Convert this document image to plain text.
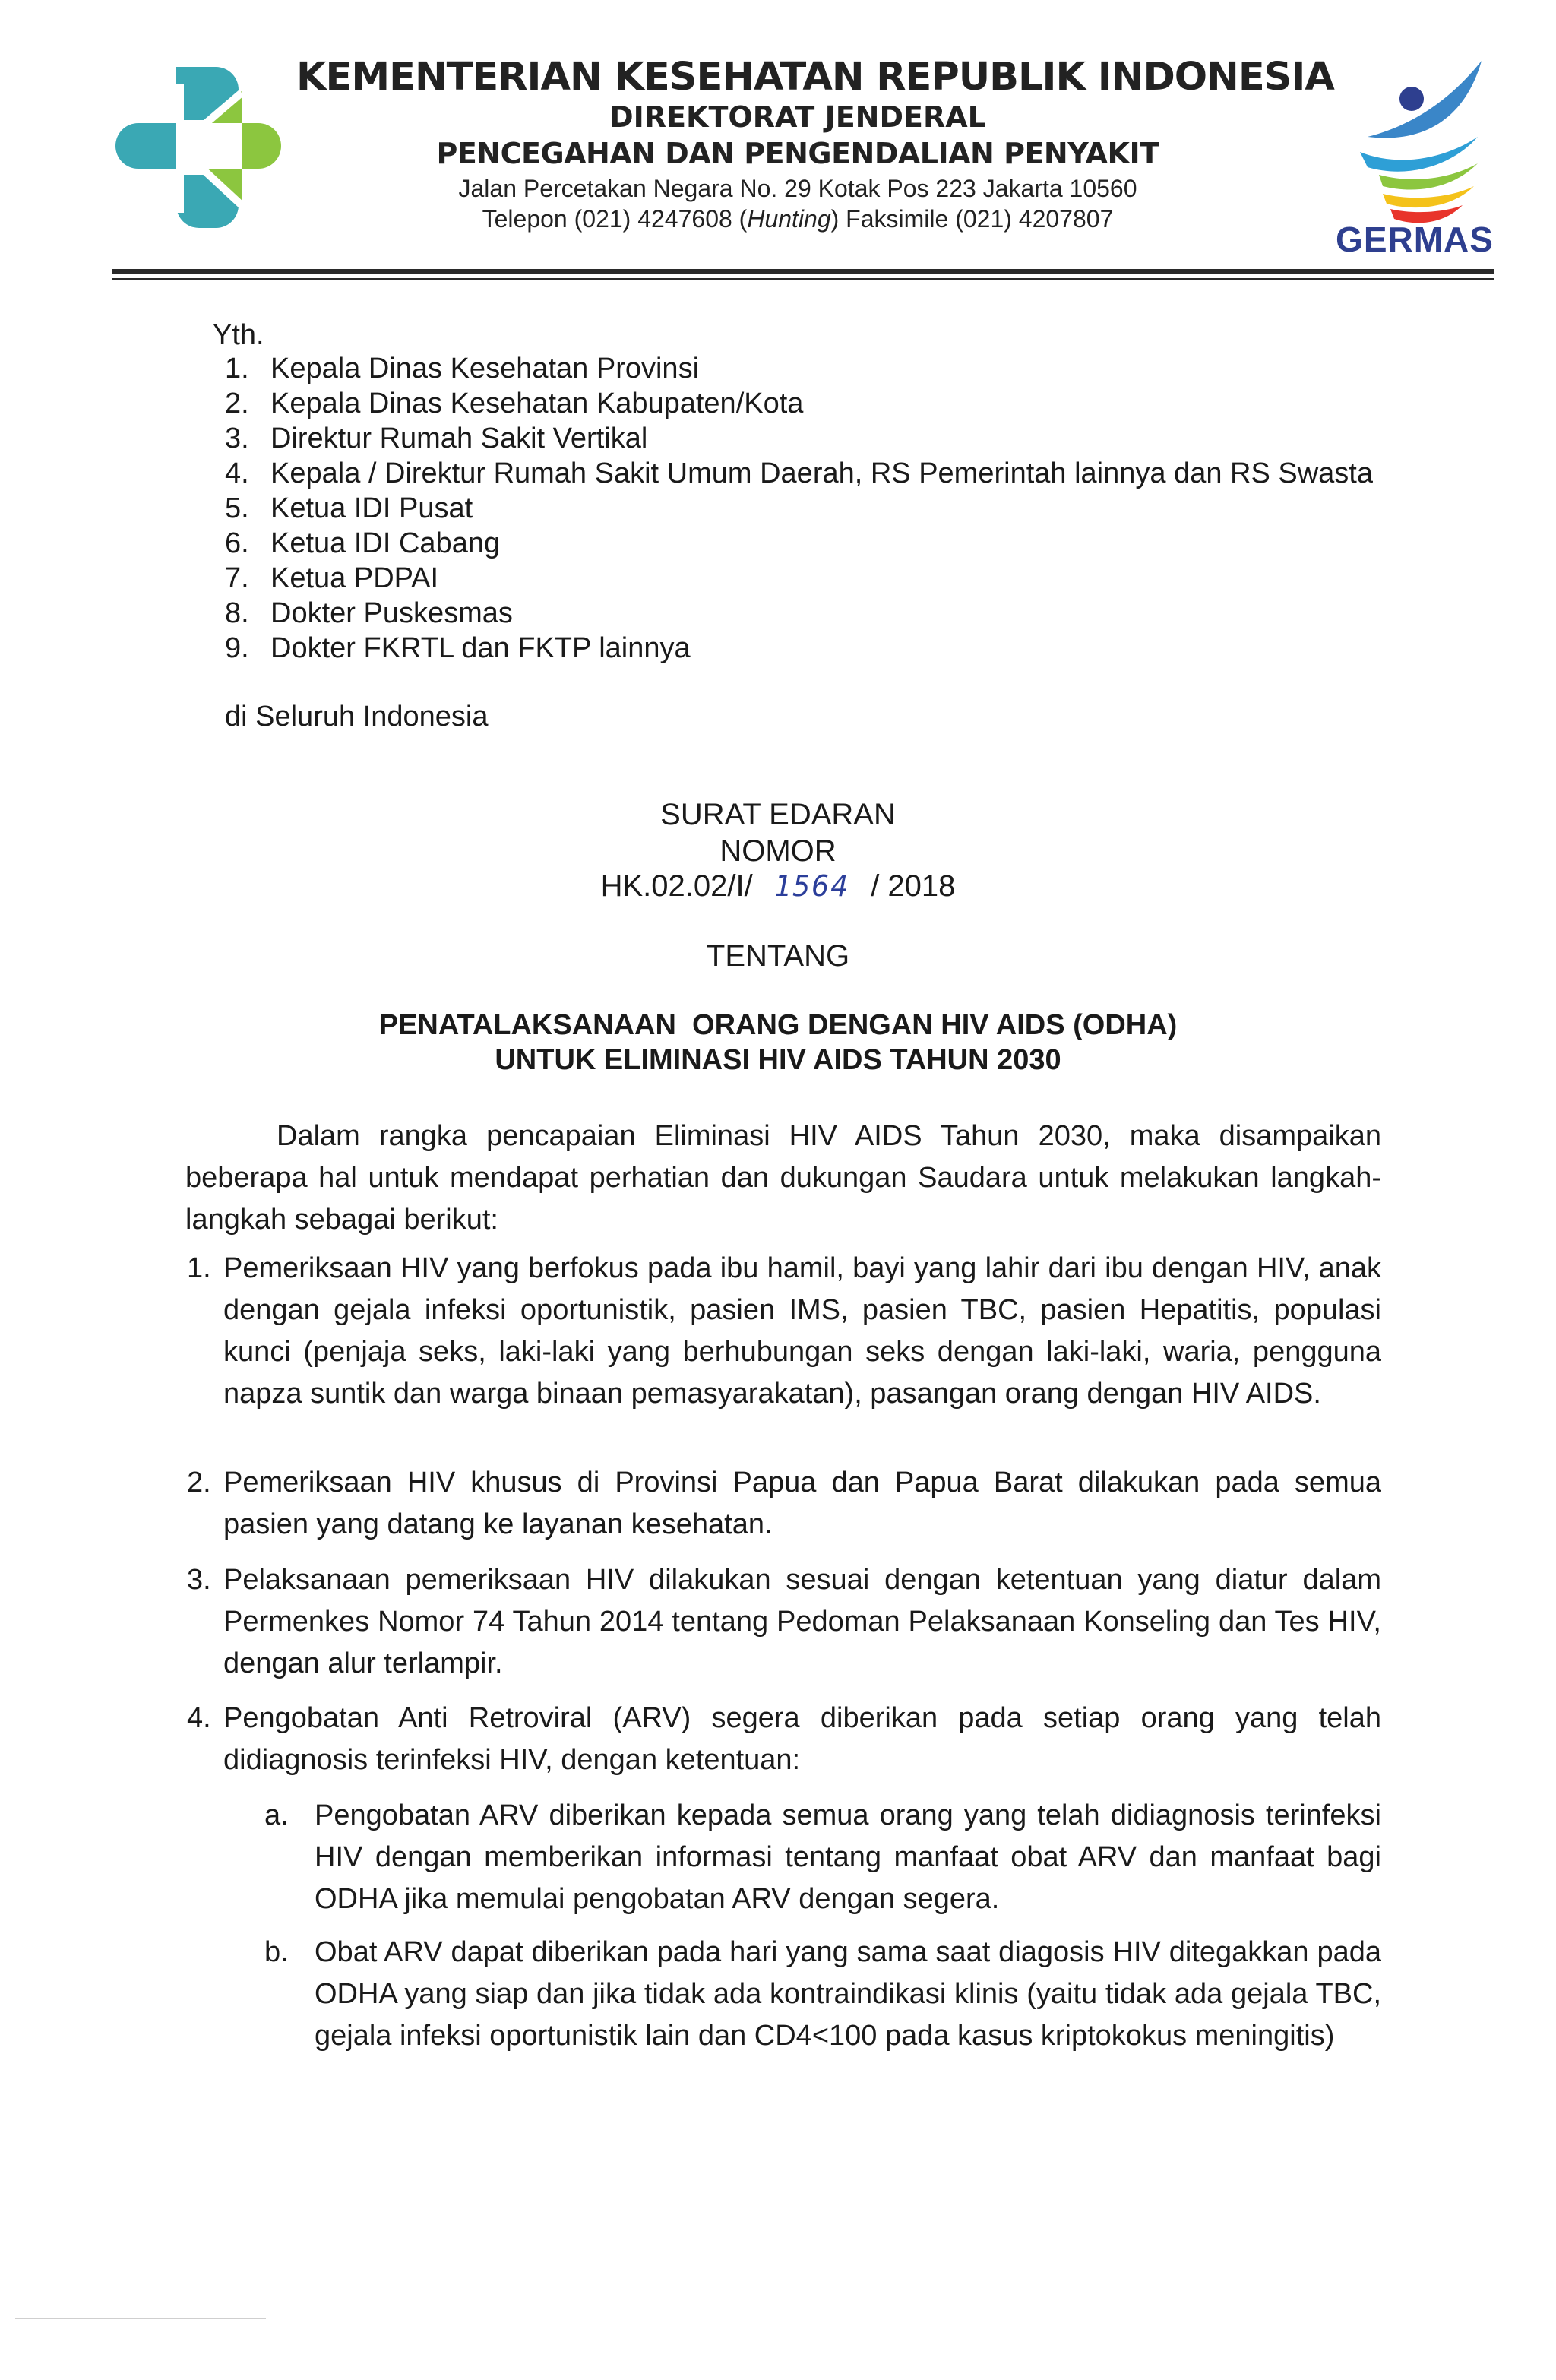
KEMENTERIAN KESEHATAN REPUBLIK INDONESIA
DIREKTORAT JENDERAL
PENCEGAHAN DAN PENGENDALIAN PENYAKIT
Jalan Percetakan Negara No. 29 Kotak Pos 223 Jakarta 10560
Telepon (021) 4247608 (Hunting) Faksimile (021) 4207807
GERMAS
Yth.
1. Kepala Dinas Kesehatan Provinsi
2. Kepala Dinas Kesehatan Kabupaten/Kota
3. Direktur Rumah Sakit Vertikal
4. Kepala / Direktur Rumah Sakit Umum Daerah, RS Pemerintah lainnya dan RS Swasta
5. Ketua IDI Pusat
6. Ketua IDI Cabang
7. Ketua PDPAI
8. Dokter Puskesmas
9. Dokter FKRTL dan FKTP lainnya
di Seluruh Indonesia
SURAT EDARAN
NOMOR
HK.02.02/I/ 1564 / 2018
TENTANG
PENATALAKSANAAN  ORANG DENGAN HIV AIDS (ODHA)
UNTUK ELIMINASI HIV AIDS TAHUN 2030
Dalam rangka pencapaian Eliminasi HIV AIDS Tahun 2030, maka disampaikan beberapa hal untuk mendapat perhatian dan dukungan Saudara untuk melakukan langkah-langkah sebagai berikut:
1. Pemeriksaan HIV yang berfokus pada ibu hamil, bayi yang lahir dari ibu dengan HIV, anak dengan gejala infeksi oportunistik, pasien IMS, pasien TBC, pasien Hepatitis, populasi kunci (penjaja seks, laki-laki yang berhubungan seks dengan laki-laki, waria, pengguna napza suntik dan warga binaan pemasyarakatan), pasangan orang dengan HIV AIDS.
2. Pemeriksaan HIV khusus di Provinsi Papua dan Papua Barat dilakukan pada semua pasien yang datang ke layanan kesehatan.
3. Pelaksanaan pemeriksaan HIV dilakukan sesuai dengan ketentuan yang diatur dalam Permenkes Nomor 74 Tahun 2014 tentang Pedoman Pelaksanaan Konseling dan Tes HIV, dengan alur terlampir.
4. Pengobatan Anti Retroviral (ARV) segera diberikan pada setiap orang yang telah didiagnosis terinfeksi HIV, dengan ketentuan:
a. Pengobatan ARV diberikan kepada semua orang yang telah didiagnosis terinfeksi HIV dengan memberikan informasi tentang manfaat obat ARV dan manfaat bagi ODHA jika memulai pengobatan ARV dengan segera.
b. Obat ARV dapat diberikan pada hari yang sama saat diagosis HIV ditegakkan pada ODHA yang siap dan jika tidak ada kontraindikasi klinis (yaitu tidak ada gejala TBC, gejala infeksi oportunistik lain dan CD4<100 pada kasus kriptokokus meningitis)
